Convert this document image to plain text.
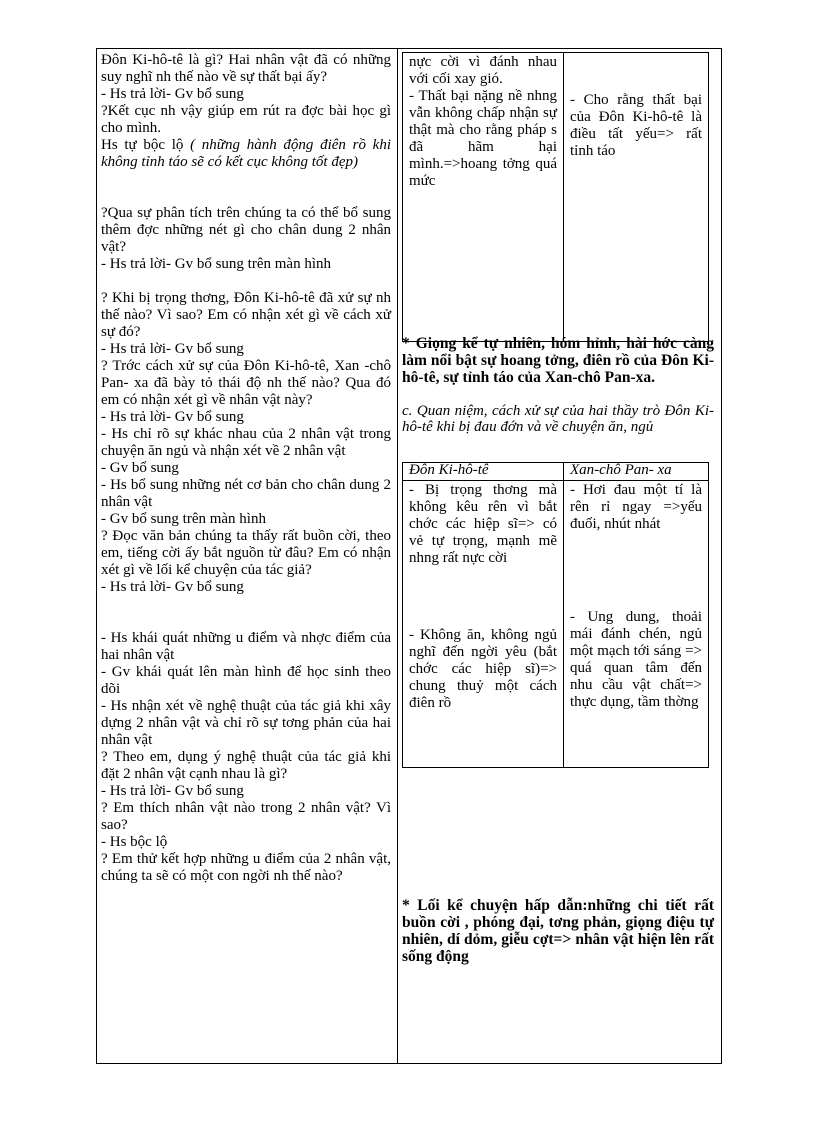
Đôn Ki-hô-tê là gì? Hai nhân vật đã có những suy nghĩ nh thế nào về sự thất bại ấy?

- Hs trả lời- Gv bổ sung

?Kết cục nh vậy giúp em rút ra đợc bài học gì cho mình.

Hs tự bộc lộ ( những hành động điên rồ khi không tỉnh táo sẽ có kết cục không tốt đẹp)

?Qua sự phân tích trên chúng ta có thể bổ sung thêm đợc những nét gì cho chân dung 2 nhân vật?

- Hs trả lời- Gv bổ sung trên màn hình

? Khi bị trọng thơng, Đôn Ki-hô-tê đã xử sự nh thế nào? Vì sao? Em có nhận xét gì về cách xử sự đó?

- Hs trả lời- Gv bổ sung

? Trớc cách xử sự của Đôn Ki-hô-tê, Xan -chô Pan- xa đã bày tỏ thái độ nh thế nào? Qua đó em có nhận xét gì về nhân vật này?

- Hs trả lời- Gv bổ sung

- Hs chỉ rõ sự khác nhau của 2 nhân vật trong chuyện ăn ngủ và nhận xét về 2 nhân vật

- Gv bổ sung

- Hs bổ sung những nét cơ bản cho chân dung 2 nhân vật

- Gv bổ sung trên màn hình

? Đọc văn bản chúng ta thấy rất buồn cời, theo em, tiếng cời ấy bắt nguồn từ đâu? Em có nhận xét gì về lối kể chuyện của tác giả?

- Hs trả lời- Gv bổ sung

- Hs khái quát những u điểm và nhợc điểm của hai nhân vật

- Gv khái quát lên màn hình để học sinh theo dõi

- Hs nhận xét về nghệ thuật của tác giả khi xây dựng 2 nhân vật và chỉ rõ sự tơng phản của hai nhân vật

? Theo em, dụng ý nghệ thuật của tác giả khi đặt 2 nhân vật cạnh nhau là gì?

- Hs trả lời- Gv bổ sung

? Em thích nhân vật nào trong 2 nhân vật? Vì sao?

- Hs bộc lộ

? Em thử kết hợp những u điểm của 2 nhân vật, chúng ta sẽ có một con ngời nh thế nào?

nực cời vì đánh nhau với cối xay gió.

- Thất bại nặng nề nhng vẫn không chấp nhận sự thật mà cho rằng pháp s đã hãm hại mình.=>hoang tởng quá mức

- Cho rằng thất bại của Đôn Ki-hô-tê là điều tất yếu=> rất tỉnh táo

* Giọng kể tự nhiên, hóm hỉnh, hài hớc càng làm nổi bật sự hoang tởng, điên rồ của Đôn Ki-hô-tê, sự tỉnh táo của Xan-chô Pan-xa.
c. Quan niệm, cách xử sự của hai thầy trò Đôn Ki-hô-tê khi bị đau đớn và về chuyện ăn, ngủ
Đôn Ki-hô-tê	Xan-chô Pan- xa

- Bị trọng thơng mà không kêu rên vì bắt chớc các hiệp sĩ=> có vẻ tự trọng, mạnh mẽ nhng rất nực cời

- Hơi đau một tí là rên rỉ ngay =>yếu đuối, nhút nhát

- Không ăn, không ngủ nghĩ đến ngời yêu (bắt chớc các hiệp sĩ)=> chung thuỷ một cách điên rồ

- Ung dung, thoải mái đánh chén, ngủ một mạch tới sáng => quá quan tâm đến nhu cầu vật chất=> thực dụng, tầm thờng

* Lối kể chuyện hấp dẫn:những chi tiết rất buồn cời , phóng đại, tơng phản, giọng điệu tự nhiên, dí dỏm, giễu cợt=> nhân vật hiện lên rất sống động
